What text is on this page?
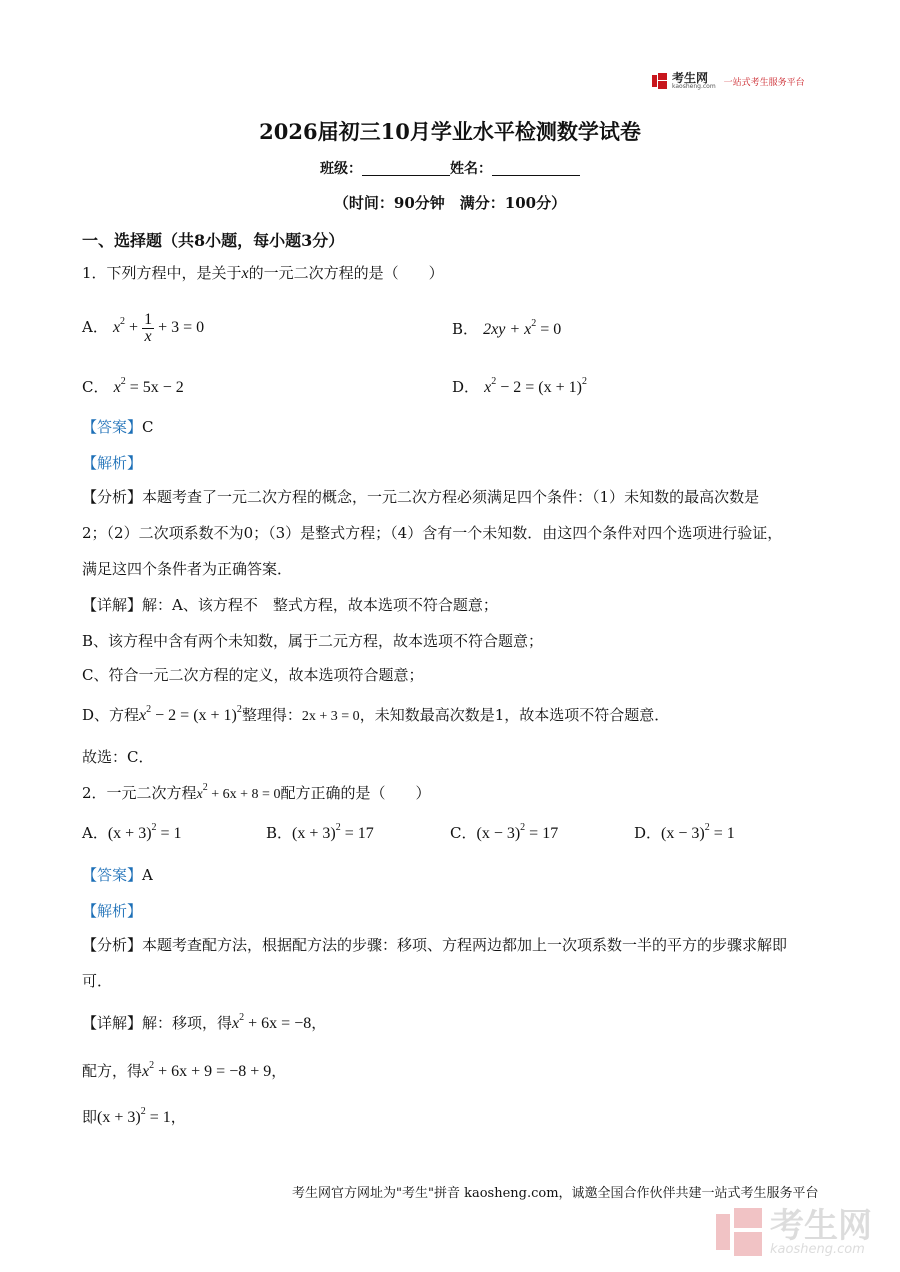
考生网
kaosheng.com 一站式考生服务平台
2026届初三10月学业水平检测数学试卷
班级：	姓名：
（时间：90分钟　满分：100分）
一、选择题（共8小题，每小题3分）
1．下列方程中，是关于x的一元二次方程的是（　　）
A． $x^2 + \frac{1}{x} + 3 = 0$	B． $2xy + x^2 = 0$
C． $x^2 = 5x - 2$	D． $x^2 - 2 = (x + 1)^2$
【答案】C
【解析】
【分析】本题考查了一元二次方程的概念，一元二次方程必须满足四个条件：（1）未知数的最高次数是
2；（2）二次项系数不为0；（3）是整式方程；（4）含有一个未知数．由这四个条件对四个选项进行验证，
满足这四个条件者为正确答案．
【详解】解：A、该方程不　整式方程，故本选项不符合题意；
B、该方程中含有两个未知数，属于二元方程，故本选项不符合题意；
C、符合一元二次方程的定义，故本选项符合题意；
D、方程$x^2 - 2 = (x + 1)^2$整理得：2x + 3 = 0，未知数最高次数是1，故本选项不符合题意．
故选：C．
2．一元二次方程$x^2 + 6x + 8 = 0$配方正确的是（　　）
A．$(x + 3)^2 = 1$	B．$(x + 3)^2 = 17$	C．$(x - 3)^2 = 17$	D．$(x - 3)^2 = 1$
【答案】A
【解析】
【分析】本题考查配方法，根据配方法的步骤：移项、方程两边都加上一次项系数一半的平方的步骤求解即
可．
【详解】解：移项，得$x^2 + 6x = -8$，
配方，得$x^2 + 6x + 9 = -8 + 9$，
即$(x + 3)^2 = 1$，
考生网官方网址为"考生"拼音 kaosheng.com，诚邀全国合作伙伴共建一站式考生服务平台
考生网
kaosheng.com
